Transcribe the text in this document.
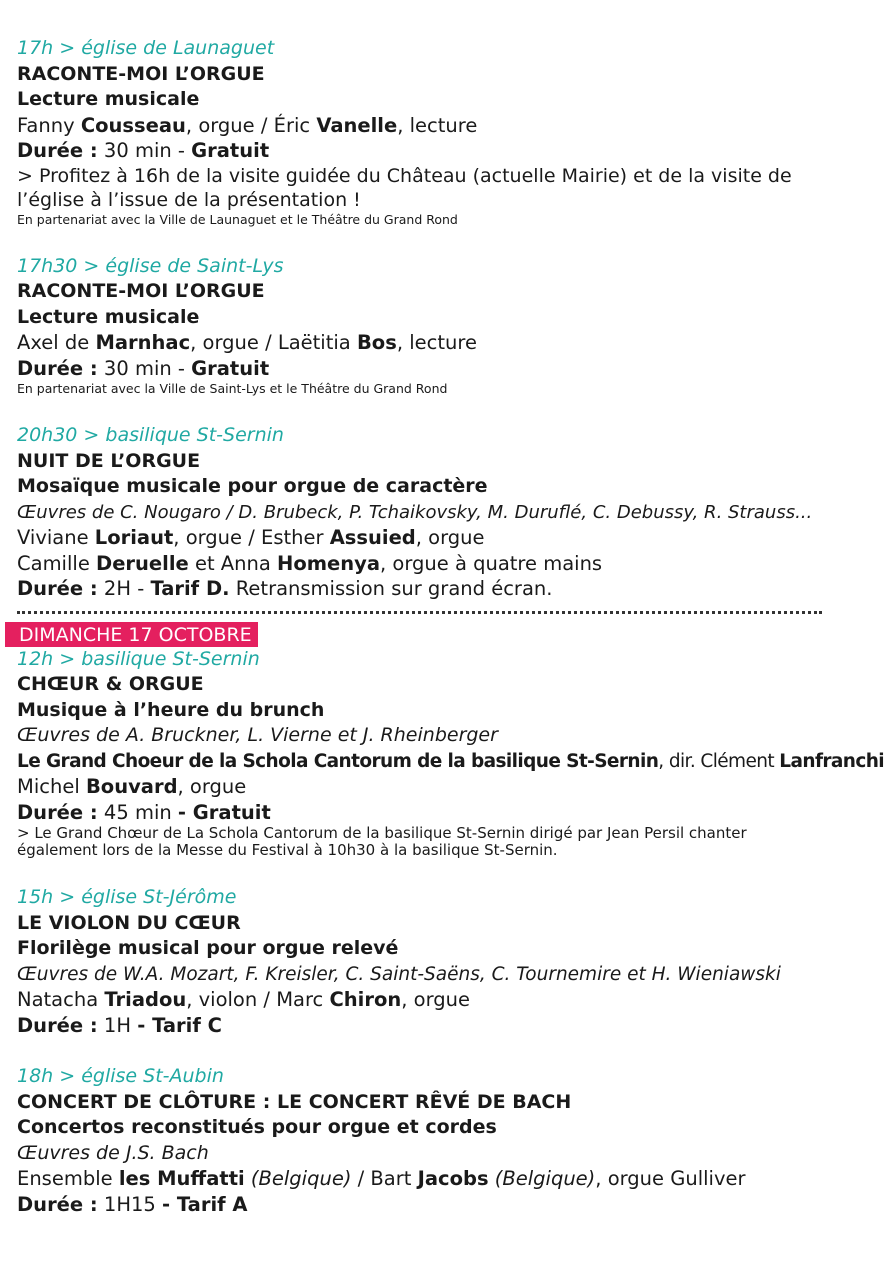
17h > église de Launaguet
RACONTE-MOI L’ORGUE
Lecture musicale
Fanny Cousseau, orgue / Éric Vanelle, lecture
Durée : 30 min - Gratuit
> Profitez à 16h de la visite guidée du Château (actuelle Mairie) et de la visite de l’église à l’issue de la présentation !
En partenariat avec la Ville de Launaguet et le Théâtre du Grand Rond
17h30 > église de Saint-Lys
RACONTE-MOI L’ORGUE
Lecture musicale
Axel de Marnhac, orgue / Laëtitia Bos, lecture
Durée : 30 min - Gratuit
En partenariat avec la Ville de Saint-Lys et le Théâtre du Grand Rond
20h30 > basilique St-Sernin
NUIT DE L’ORGUE
Mosaïque musicale pour orgue de caractère
Œuvres de C. Nougaro / D. Brubeck, P. Tchaikovsky, M. Duruflé, C. Debussy, R. Strauss...
Viviane Loriaut, orgue / Esther Assuied, orgue
Camille Deruelle et Anna Homenya, orgue à quatre mains
Durée : 2H - Tarif D. Retransmission sur grand écran.
DIMANCHE 17 OCTOBRE
12h > basilique St-Sernin
CHŒUR & ORGUE
Musique à l’heure du brunch
Œuvres de A. Bruckner, L. Vierne et J. Rheinberger
Le Grand Choeur de la Schola Cantorum de la basilique St-Sernin, dir. Clément Lanfranchi
Michel Bouvard, orgue
Durée : 45 min - Gratuit
> Le Grand Chœur de La Schola Cantorum de la basilique St-Sernin dirigé par Jean Persil chanter
également lors de la Messe du Festival à 10h30 à la basilique St-Sernin.
15h > église St-Jérôme
LE VIOLON DU CŒUR
Florilège musical pour orgue relevé
Œuvres de W.A. Mozart, F. Kreisler, C. Saint-Saëns, C. Tournemire et H. Wieniawski
Natacha Triadou, violon / Marc Chiron, orgue
Durée : 1H - Tarif C
18h > église St-Aubin
CONCERT DE CLÔTURE : LE CONCERT RÊVÉ DE BACH
Concertos reconstitués pour orgue et cordes
Œuvres de J.S. Bach
Ensemble les Muffatti (Belgique) / Bart Jacobs (Belgique), orgue Gulliver
Durée : 1H15 - Tarif A
